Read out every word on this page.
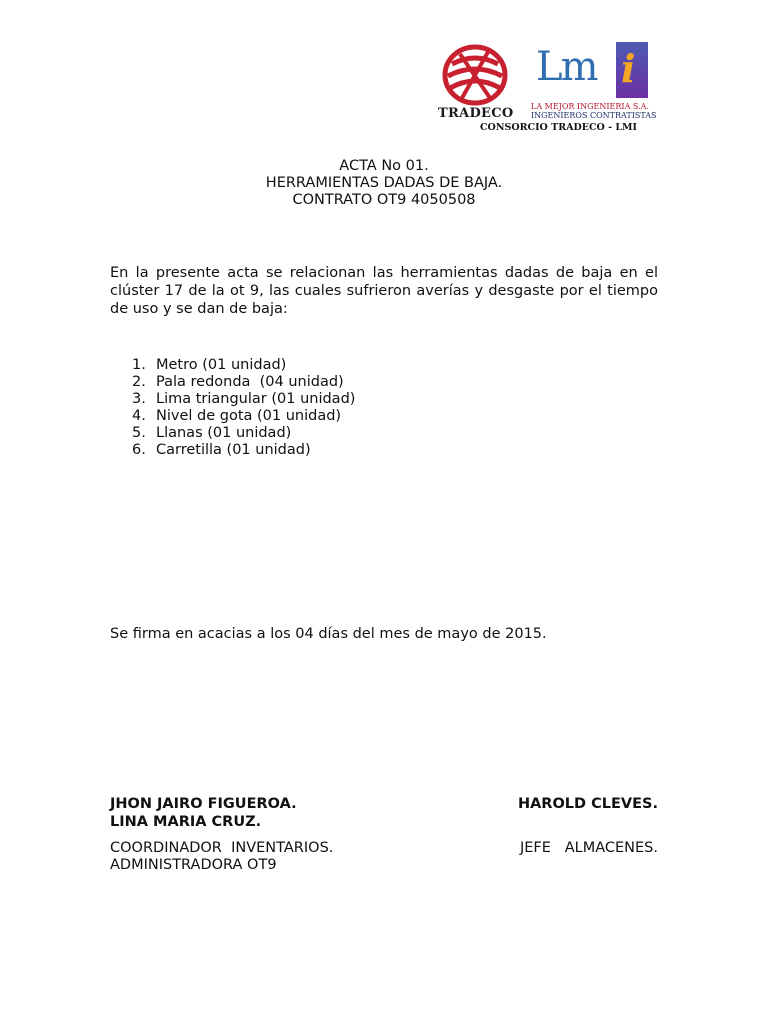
TRADECO
Lm i
LA MEJOR INGENIERIA S.A.
INGENIEROS CONTRATISTAS
CONSORCIO TRADECO - LMI
ACTA No 01.
HERRAMIENTAS DADAS DE BAJA.
CONTRATO OT9 4050508
En la presente acta se relacionan las herramientas dadas de baja en el clúster 17 de la ot 9, las cuales sufrieron averías y desgaste por el tiempo de uso y se dan de baja:
1. Metro (01 unidad)
2. Pala redonda  (04 unidad)
3. Lima triangular (01 unidad)
4. Nivel de gota (01 unidad)
5. Llanas (01 unidad)
6. Carretilla (01 unidad)
Se firma en acacias a los 04 días del mes de mayo de 2015.
JHON JAIRO FIGUEROA.
LINA MARIA CRUZ.
HAROLD CLEVES.
COORDINADOR  INVENTARIOS.
ADMINISTRADORA OT9
JEFE   ALMACENES.
